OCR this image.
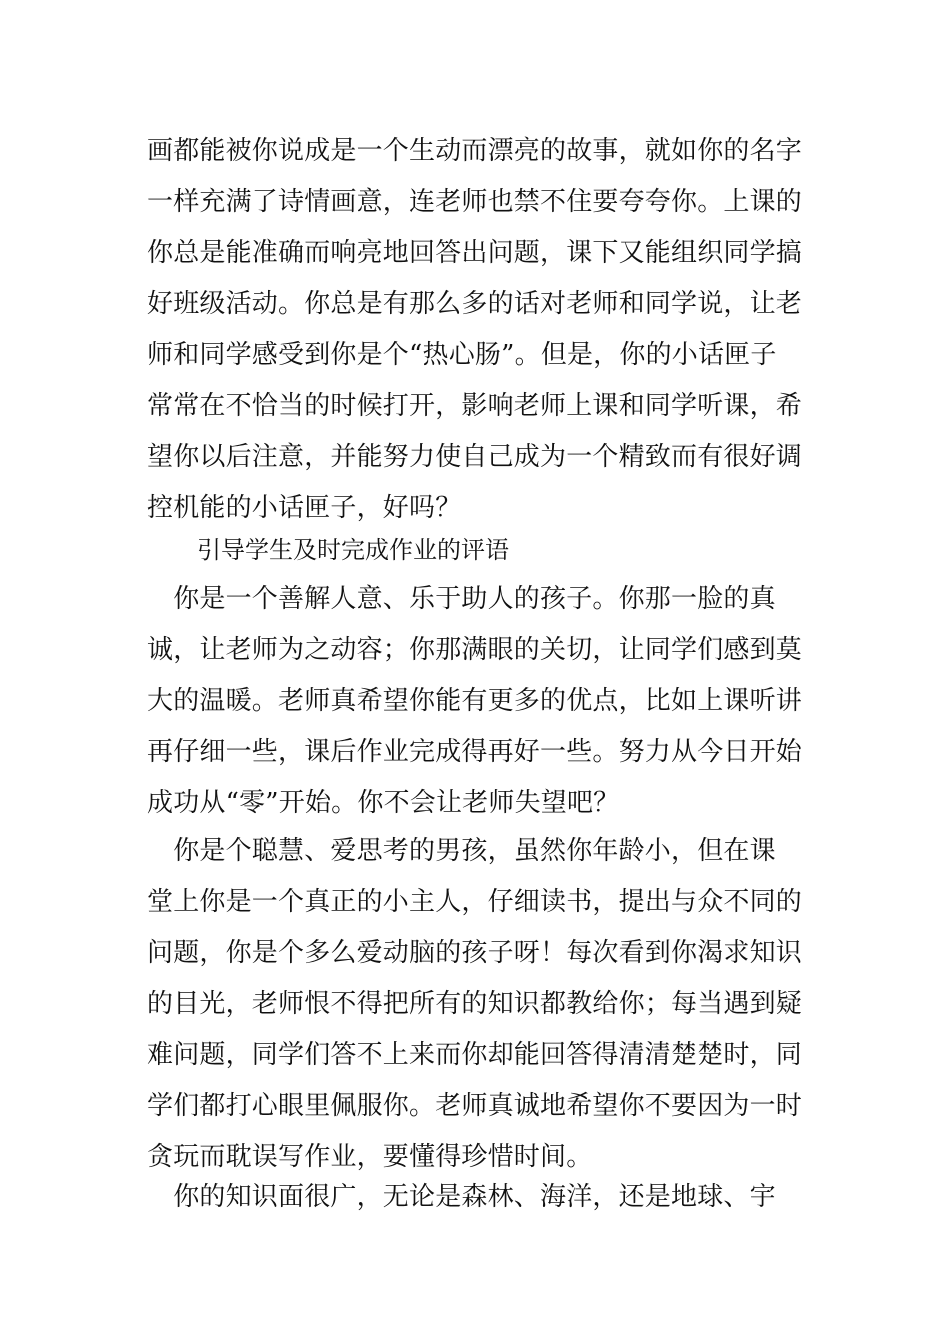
画都能被你说成是一个生动而漂亮的故事，就如你的名字
一样充满了诗情画意，连老师也禁不住要夸夸你。上课的
你总是能准确而响亮地回答出问题，课下又能组织同学搞
好班级活动。你总是有那么多的话对老师和同学说，让老
师和同学感受到你是个“热心肠”。但是，你的小话匣子
常常在不恰当的时候打开，影响老师上课和同学听课，希
望你以后注意，并能努力使自己成为一个精致而有很好调
控机能的小话匣子，好吗？
引导学生及时完成作业的评语
　你是一个善解人意、乐于助人的孩子。你那一脸的真
诚，让老师为之动容；你那满眼的关切，让同学们感到莫
大的温暖。老师真希望你能有更多的优点，比如上课听讲
再仔细一些，课后作业完成得再好一些。努力从今日开始
成功从“零”开始。你不会让老师失望吧？
　你是个聪慧、爱思考的男孩，虽然你年龄小，但在课
堂上你是一个真正的小主人，仔细读书，提出与众不同的
问题，你是个多么爱动脑的孩子呀！每次看到你渴求知识
的目光，老师恨不得把所有的知识都教给你；每当遇到疑
难问题，同学们答不上来而你却能回答得清清楚楚时，同
学们都打心眼里佩服你。老师真诚地希望你不要因为一时
贪玩而耽误写作业，要懂得珍惜时间。
　你的知识面很广，无论是森林、海洋，还是地球、宇
